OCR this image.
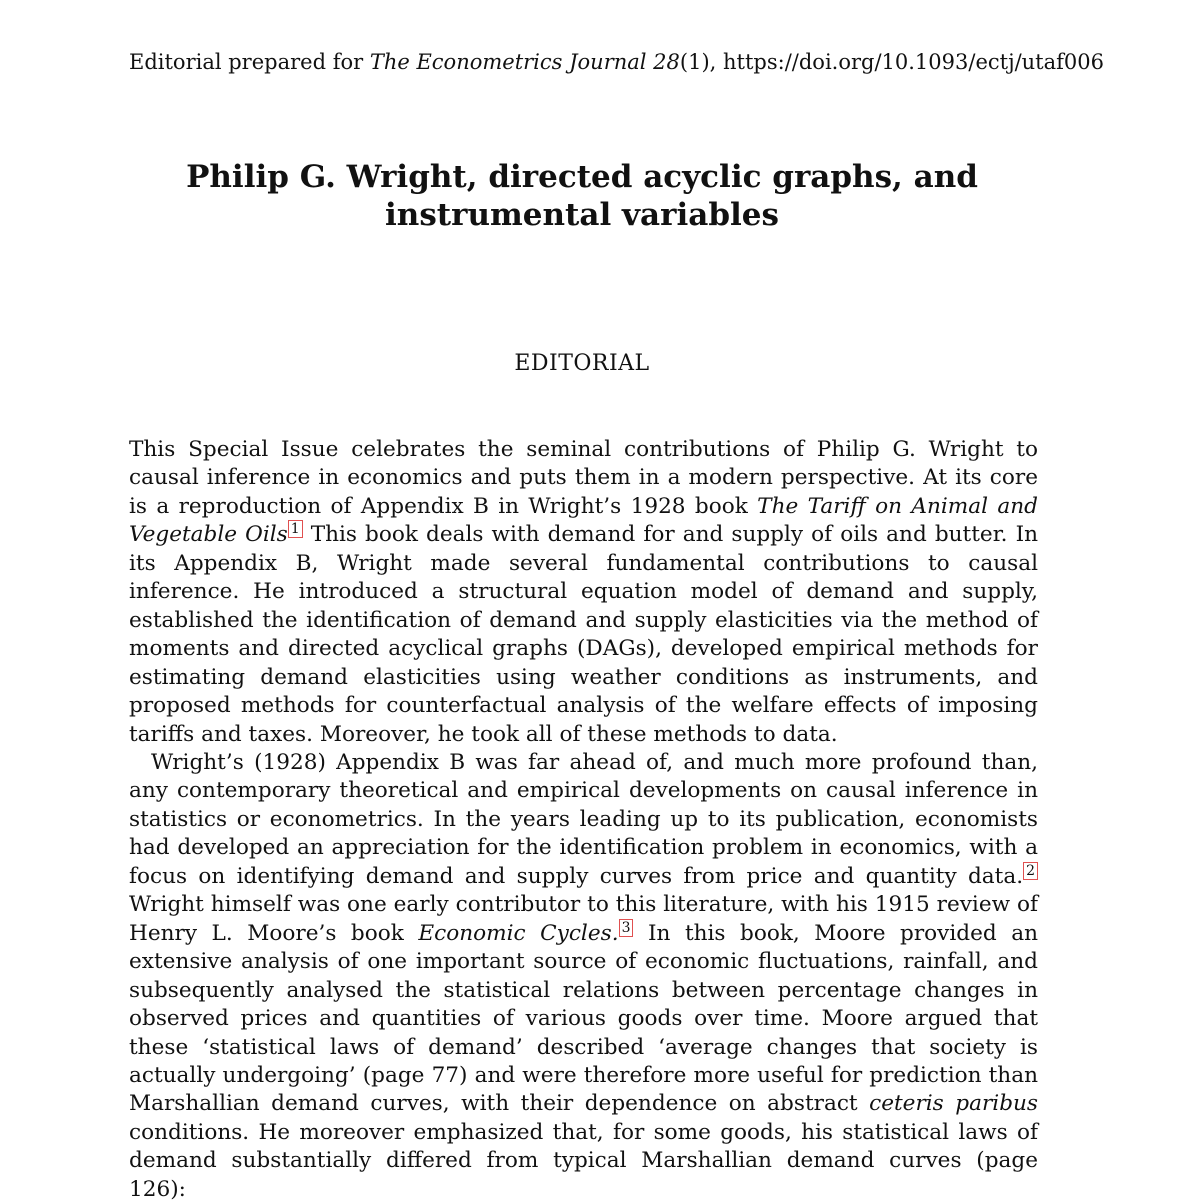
Editorial prepared for The Econometrics Journal 28(1), https://doi.org/10.1093/ectj/utaf006
Philip G. Wright, directed acyclic graphs, and instrumental variables
EDITORIAL

This Special Issue celebrates the seminal contributions of Philip G. Wright to causal inference in economics and puts them in a modern perspective. At its core is a reproduction of Appendix B in Wright’s 1928 book The Tariff on Animal and Vegetable Oils $^1$ This book deals with demand for and supply of oils and butter. In its Appendix B, Wright made several fundamental contributions to causal inference. He introduced a structural equation model of demand and supply, established the identification of demand and supply elasticities via the method of moments and directed acyclical graphs (DAGs), developed empirical methods for estimating demand elasticities using weather conditions as instruments, and proposed methods for counterfactual analysis of the welfare effects of imposing tariffs and taxes. Moreover, he took all of these methods to data.

Wright’s (1928) Appendix B was far ahead of, and much more profound than, any contemporary theoretical and empirical developments on causal inference in statistics or econometrics. In the years leading up to its publication, economists had developed an appreciation for the identification problem in economics, with a focus on identifying demand and supply curves from price and quantity data. $^2$ Wright himself was one early contributor to this literature, with his 1915 review of Henry L. Moore’s book Economic Cycles. $^3$ In this book, Moore provided an extensive analysis of one important source of economic fluctuations, rainfall, and subsequently analysed the statistical relations between percentage changes in observed prices and quantities of various goods over time. Moore argued that these ‘statistical laws of demand’ described ‘average changes that society is actually undergoing’ (page 77) and were therefore more useful for prediction than Marshallian demand curves, with their dependence on abstract ceteris paribus conditions. He moreover emphasized that, for some goods, his statistical laws of demand substantially differed from typical Marshallian demand curves (page 126):
